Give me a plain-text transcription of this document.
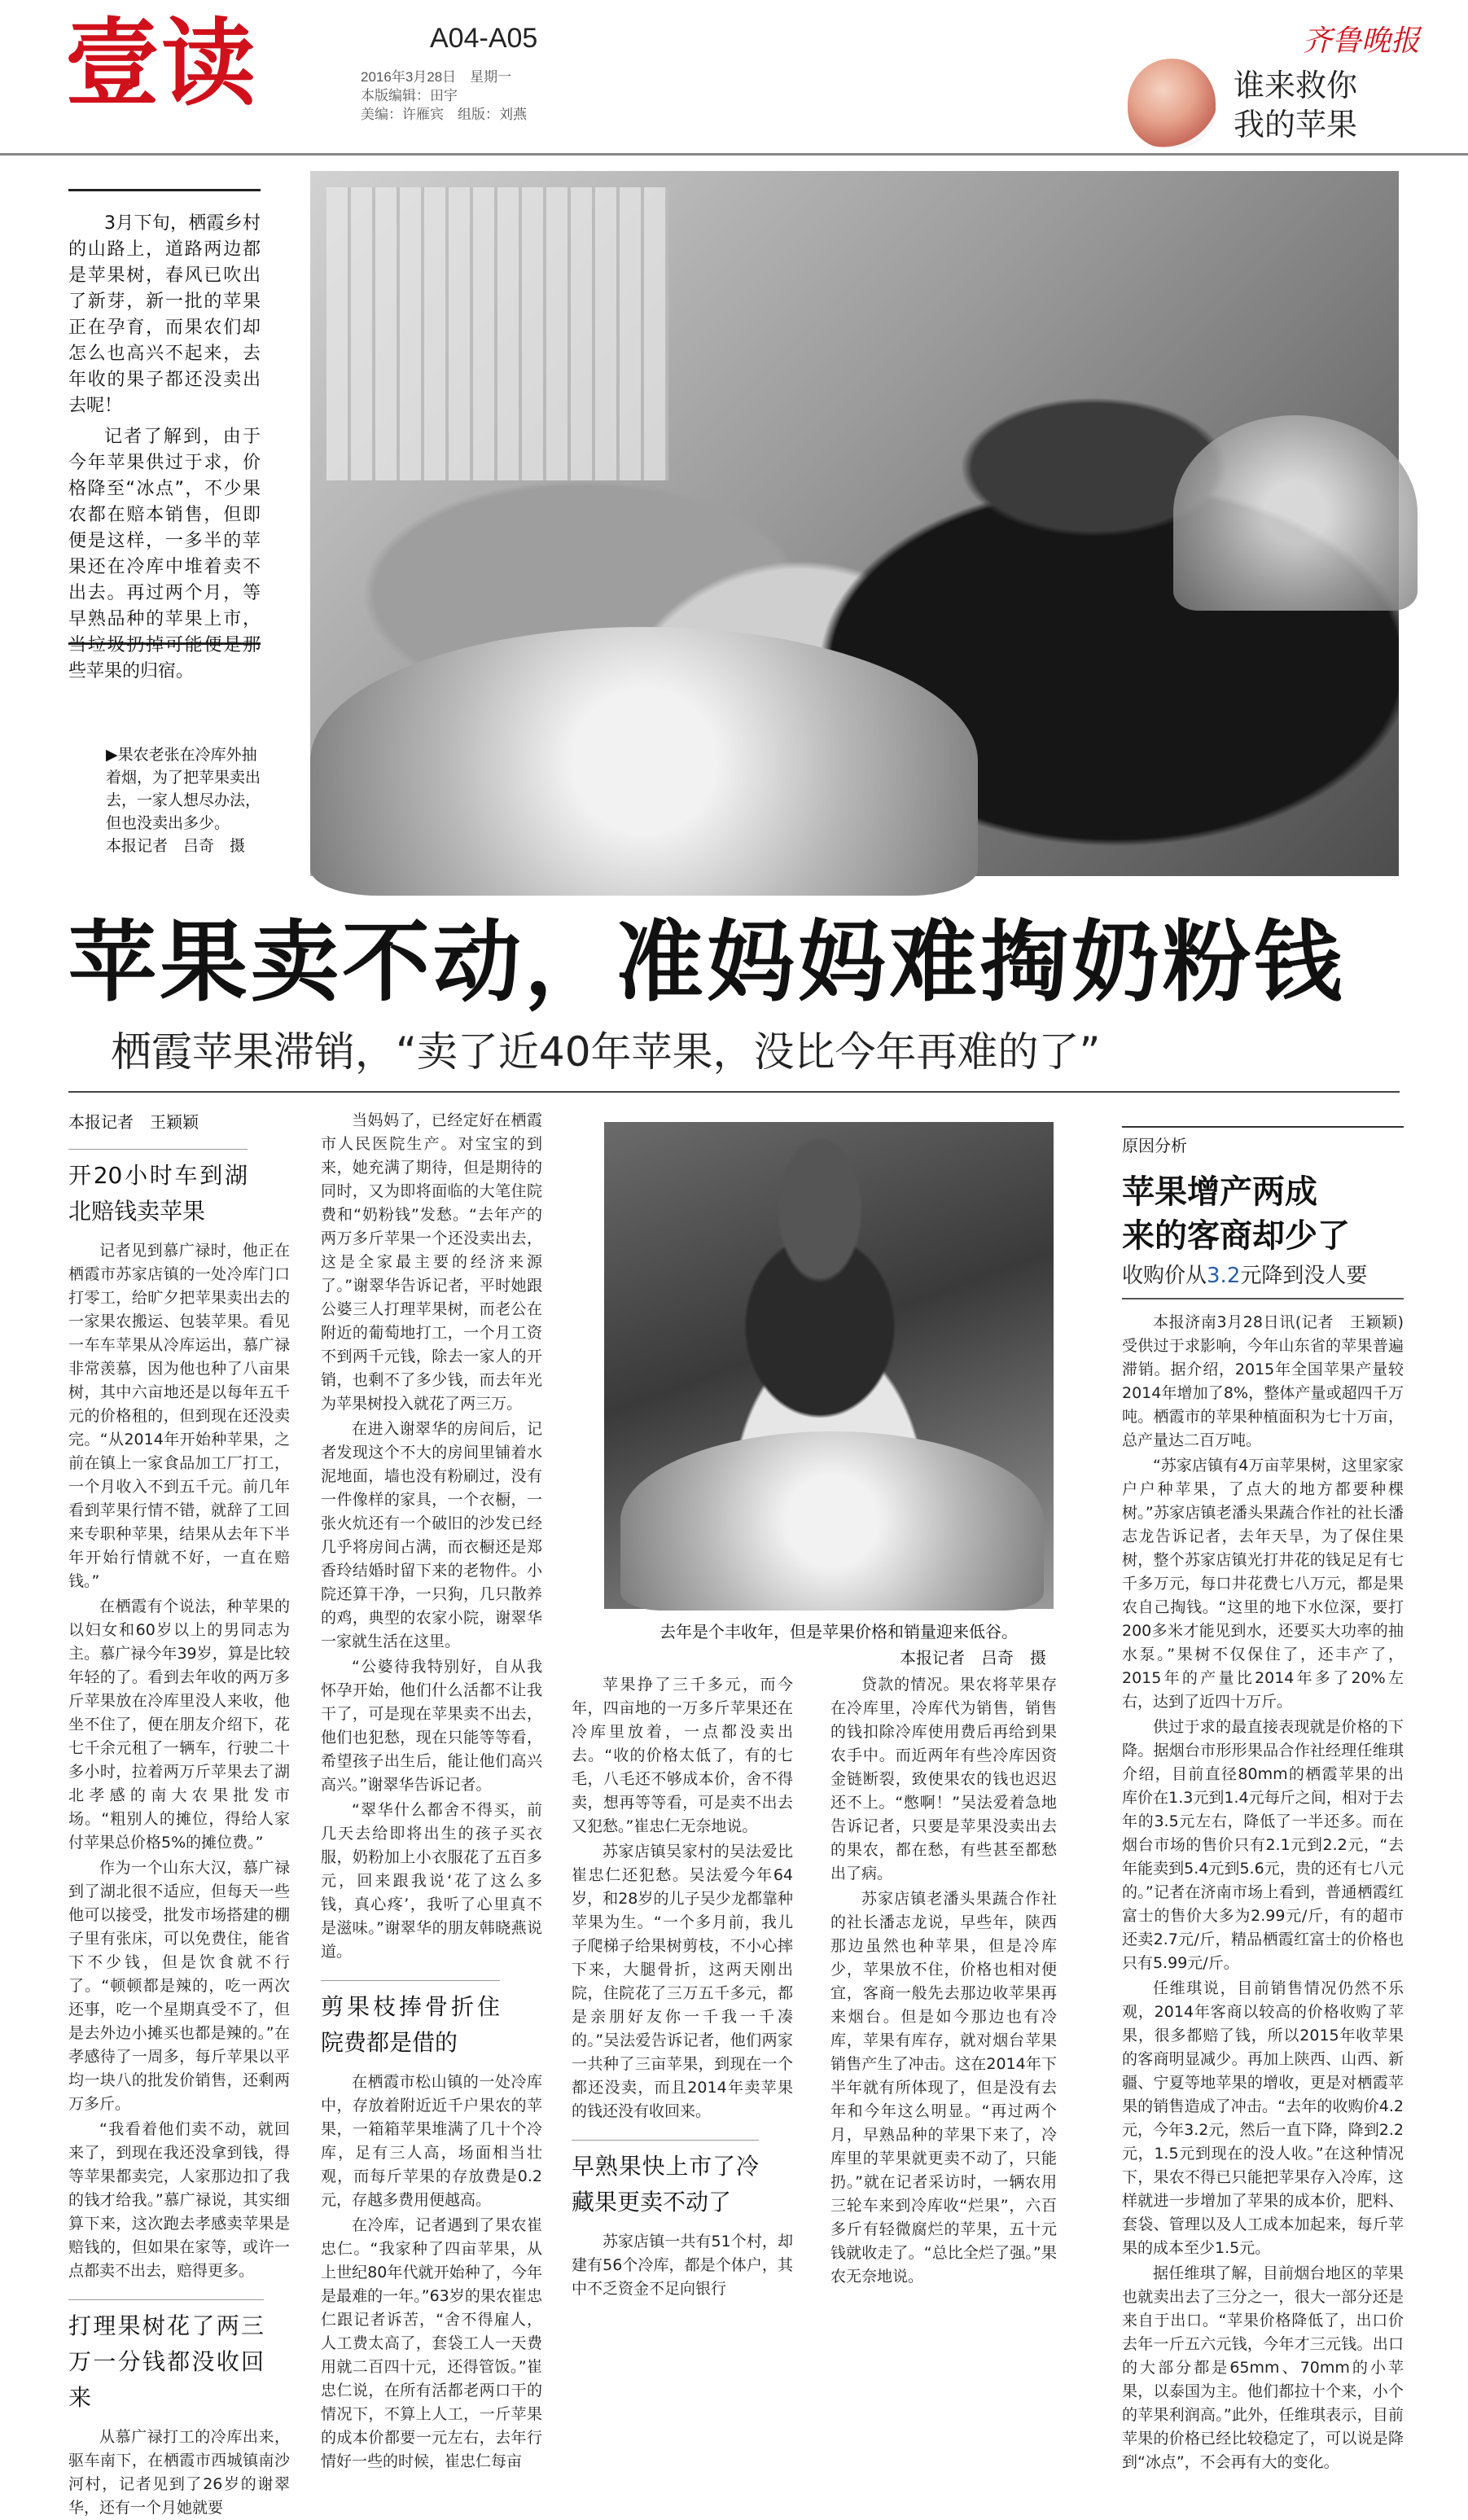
壹读	A04-A05
2016年3月28日　星期一
本版编辑：田宇
美编：许雁宾　组版：刘燕
齐鲁晚报
谁来救你
我的苹果

3月下旬，栖霞乡村的山路上，道路两边都是苹果树，春风已吹出了新芽，新一批的苹果正在孕育，而果农们却怎么也高兴不起来，去年收的果子都还没卖出去呢！

记者了解到，由于今年苹果供过于求，价格降至“冰点”，不少果农都在赔本销售，但即便是这样，一多半的苹果还在冷库中堆着卖不出去。再过两个月，等早熟品种的苹果上市，当垃圾扔掉可能便是那些苹果的归宿。

▶果农老张在冷库外抽着烟，为了把苹果卖出去，一家人想尽办法，但也没卖出多少。
本报记者　吕奇　摄
苹果卖不动，准妈妈难掏奶粉钱
栖霞苹果滞销，“卖了近40年苹果，没比今年再难的了”
本报记者　王颖颖
开20小时车到湖北赔钱卖苹果

记者见到慕广禄时，他正在栖霞市苏家店镇的一处冷库门口打零工，给旷夕把苹果卖出去的一家果农搬运、包装苹果。看见一车车苹果从冷库运出，慕广禄非常羡慕，因为他也种了八亩果树，其中六亩地还是以每年五千元的价格租的，但到现在还没卖完。“从2014年开始种苹果，之前在镇上一家食品加工厂打工，一个月收入不到五千元。前几年看到苹果行情不错，就辞了工回来专职种苹果，结果从去年下半年开始行情就不好，一直在赔钱。”

在栖霞有个说法，种苹果的以妇女和60岁以上的男同志为主。慕广禄今年39岁，算是比较年轻的了。看到去年收的两万多斤苹果放在冷库里没人来收，他坐不住了，便在朋友介绍下，花七千余元租了一辆车，行驶二十多小时，拉着两万斤苹果去了湖北孝感的南大农果批发市场。“粗别人的摊位，得给人家付苹果总价格5%的摊位费。”

作为一个山东大汉，慕广禄到了湖北很不适应，但每天一些他可以接受，批发市场搭建的棚子里有张床，可以免费住，能省下不少钱，但是饮食就不行了。“顿顿都是辣的，吃一两次还事，吃一个星期真受不了，但是去外边小摊买也都是辣的。”在孝感待了一周多，每斤苹果以平均一块八的批发价销售，还剩两万多斤。

“我看着他们卖不动，就回来了，到现在我还没拿到钱，得等苹果都卖完，人家那边扣了我的钱才给我。”慕广禄说，其实细算下来，这次跑去孝感卖苹果是赔钱的，但如果在家等，或许一点都卖不出去，赔得更多。

打理果树花了两三万一分钱都没收回来

从慕广禄打工的冷库出来，驱车南下，在栖霞市西城镇南沙河村，记者见到了26岁的谢翠华，还有一个月她就要

当妈妈了，已经定好在栖霞市人民医院生产。对宝宝的到来，她充满了期待，但是期待的同时，又为即将面临的大笔住院费和“奶粉钱”发愁。“去年产的两万多斤苹果一个还没卖出去，这是全家最主要的经济来源了。”谢翠华告诉记者，平时她跟公婆三人打理苹果树，而老公在附近的葡萄地打工，一个月工资不到两千元钱，除去一家人的开销，也剩不了多少钱，而去年光为苹果树投入就花了两三万。

在进入谢翠华的房间后，记者发现这个不大的房间里铺着水泥地面，墙也没有粉刷过，没有一件像样的家具，一个衣橱，一张火炕还有一个破旧的沙发已经几乎将房间占满，而衣橱还是郑香玲结婚时留下来的老物件。小院还算干净，一只狗，几只散养的鸡，典型的农家小院，谢翠华一家就生活在这里。

“公婆待我特别好，自从我怀孕开始，他们什么活都不让我干了，可是现在苹果卖不出去，他们也犯愁，现在只能等等看，希望孩子出生后，能让他们高兴高兴。”谢翠华告诉记者。

“翠华什么都舍不得买，前几天去给即将出生的孩子买衣服，奶粉加上小衣服花了五百多元，回来跟我说‘花了这么多钱，真心疼’，我听了心里真不是滋味。”谢翠华的朋友韩晓燕说道。

剪果枝捧骨折住院费都是借的

在栖霞市松山镇的一处冷库中，存放着附近近千户果农的苹果，一箱箱苹果堆满了几十个冷库，足有三人高，场面相当壮观，而每斤苹果的存放费是0.2元，存越多费用便越高。

在冷库，记者遇到了果农崔忠仁。“我家种了四亩苹果，从上世纪80年代就开始种了，今年是最难的一年。”63岁的果农崔忠仁跟记者诉苦，“舍不得雇人，人工费太高了，套袋工人一天费用就二百四十元，还得管饭。”崔忠仁说，在所有活都老两口干的情况下，不算上人工，一斤苹果的成本价都要一元左右，去年行情好一些的时候，崔忠仁每亩

去年是个丰收年，但是苹果价格和销量迎来低谷。
本报记者　吕奇　摄

苹果挣了三千多元，而今年，四亩地的一万多斤苹果还在冷库里放着，一点都没卖出去。“收的价格太低了，有的七毛，八毛还不够成本价，舍不得卖，想再等等看，可是卖不出去又犯愁。”崔忠仁无奈地说。

苏家店镇吴家村的吴法爱比崔忠仁还犯愁。吴法爱今年64岁，和28岁的儿子吴少龙都靠种苹果为生。“一个多月前，我儿子爬梯子给果树剪枝，不小心摔下来，大腿骨折，这两天刚出院，住院花了三万五千多元，都是亲朋好友你一千我一千凑的。”吴法爱告诉记者，他们两家一共种了三亩苹果，到现在一个都还没卖，而且2014年卖苹果的钱还没有收回来。

早熟果快上市了冷藏果更卖不动了

苏家店镇一共有51个村，却建有56个冷库，都是个体户，其中不乏资金不足向银行

贷款的情况。果农将苹果存在冷库里，冷库代为销售，销售的钱扣除冷库使用费后再给到果农手中。而近两年有些冷库因资金链断裂，致使果农的钱也迟迟还不上。“憋啊！”吴法爱着急地告诉记者，只要是苹果没卖出去的果农，都在愁，有些甚至都愁出了病。

苏家店镇老潘头果蔬合作社的社长潘志龙说，早些年，陕西那边虽然也种苹果，但是冷库少，苹果放不住，价格也相对便宜，客商一般先去那边收苹果再来烟台。但是如今那边也有冷库，苹果有库存，就对烟台苹果销售产生了冲击。这在2014年下半年就有所体现了，但是没有去年和今年这么明显。“再过两个月，早熟品种的苹果下来了，冷库里的苹果就更卖不动了，只能扔。”就在记者采访时，一辆农用三轮车来到冷库收“烂果”，六百多斤有轻微腐烂的苹果，五十元钱就收走了。“总比全烂了强。”果农无奈地说。

原因分析
苹果增产两成
来的客商却少了
收购价从3.2元降到没人要

本报济南3月28日讯(记者　王颖颖)　受供过于求影响，今年山东省的苹果普遍滞销。据介绍，2015年全国苹果产量较2014年增加了8%，整体产量或超四千万吨。栖霞市的苹果种植面积为七十万亩，总产量达二百万吨。

“苏家店镇有4万亩苹果树，这里家家户户种苹果，了点大的地方都要种棵树。”苏家店镇老潘头果蔬合作社的社长潘志龙告诉记者，去年天旱，为了保住果树，整个苏家店镇光打井花的钱足足有七千多万元，每口井花费七八万元，都是果农自己掏钱。“这里的地下水位深，要打200多米才能见到水，还要买大功率的抽水泵。”果树不仅保住了，还丰产了，2015年的产量比2014年多了20%左右，达到了近四十万斤。

供过于求的最直接表现就是价格的下降。据烟台市形形果品合作社经理任维琪介绍，目前直径80mm的栖霞苹果的出库价在1.3元到1.4元每斤之间，相对于去年的3.5元左右，降低了一半还多。而在烟台市场的售价只有2.1元到2.2元，“去年能卖到5.4元到5.6元，贵的还有七八元的。”记者在济南市场上看到，普通栖霞红富士的售价大多为2.99元/斤，有的超市还卖2.7元/斤，精品栖霞红富士的价格也只有5.99元/斤。

任维琪说，目前销售情况仍然不乐观，2014年客商以较高的价格收购了苹果，很多都赔了钱，所以2015年收苹果的客商明显减少。再加上陕西、山西、新疆、宁夏等地苹果的增收，更是对栖霞苹果的销售造成了冲击。“去年的收购价4.2元，今年3.2元，然后一直下降，降到2.2元，1.5元到现在的没人收。”在这种情况下，果农不得已只能把苹果存入冷库，这样就进一步增加了苹果的成本价，肥料、套袋、管理以及人工成本加起来，每斤苹果的成本至少1.5元。

据任维琪了解，目前烟台地区的苹果也就卖出去了三分之一，很大一部分还是来自于出口。“苹果价格降低了，出口价去年一斤五六元钱，今年才三元钱。出口的大部分都是65mm、70mm的小苹果，以泰国为主。他们都拉十个来，小个的苹果利润高。”此外，任维琪表示，目前苹果的价格已经比较稳定了，可以说是降到“冰点”，不会再有大的变化。
